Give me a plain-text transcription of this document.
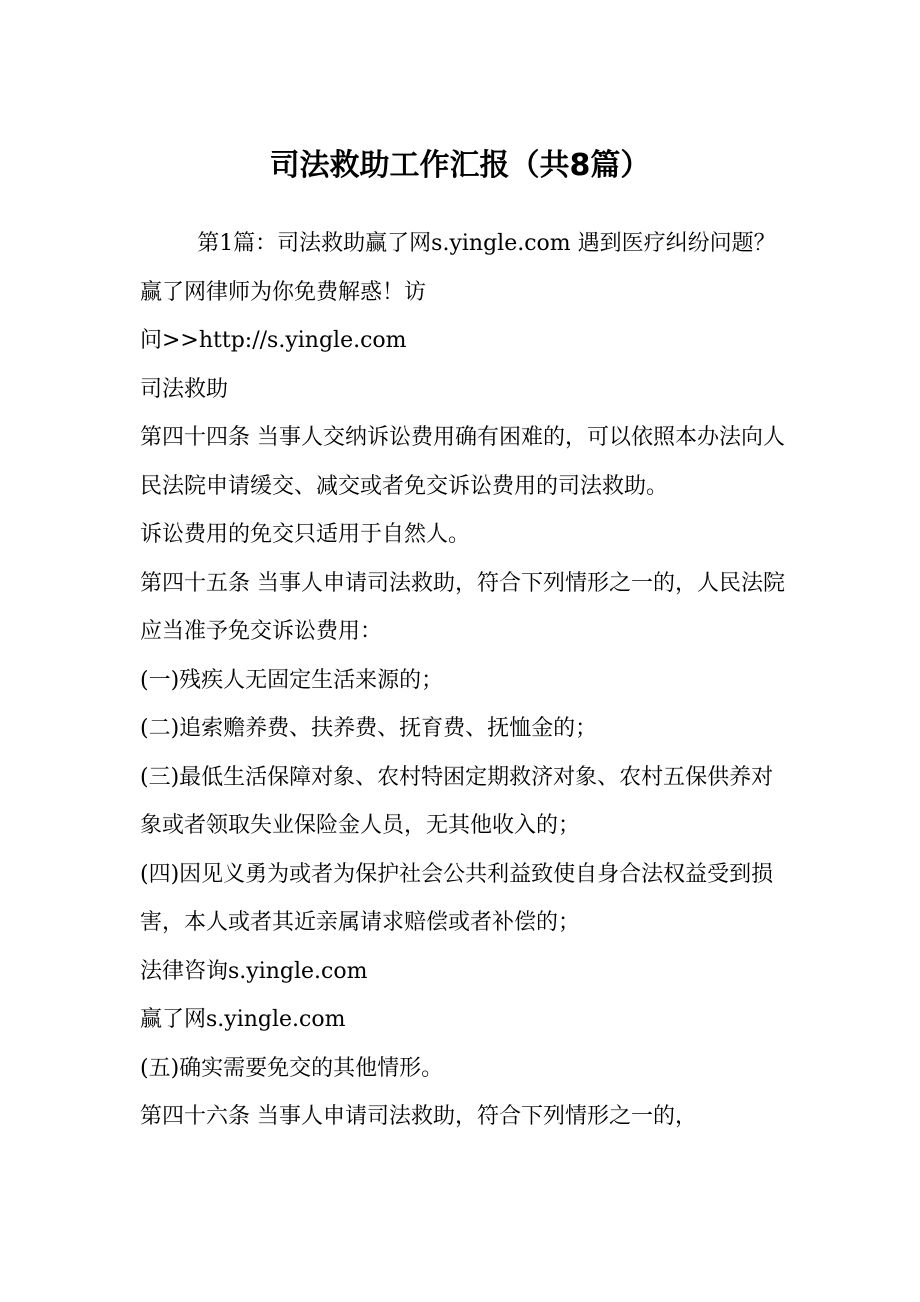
司法救助工作汇报（共8篇）

第1篇：司法救助赢了网s.yingle.com 遇到医疗纠纷问题？赢了网律师为你免费解惑！访

问>>http://s.yingle.com

司法救助

第四十四条 当事人交纳诉讼费用确有困难的，可以依照本办法向人民法院申请缓交、减交或者免交诉讼费用的司法救助。

诉讼费用的免交只适用于自然人。

第四十五条 当事人申请司法救助，符合下列情形之一的，人民法院应当准予免交诉讼费用：

(一)残疾人无固定生活来源的；

(二)追索赡养费、扶养费、抚育费、抚恤金的；

(三)最低生活保障对象、农村特困定期救济对象、农村五保供养对象或者领取失业保险金人员，无其他收入的；

(四)因见义勇为或者为保护社会公共利益致使自身合法权益受到损害，本人或者其近亲属请求赔偿或者补偿的；

法律咨询s.yingle.com

赢了网s.yingle.com

(五)确实需要免交的其他情形。

第四十六条 当事人申请司法救助，符合下列情形之一的，
